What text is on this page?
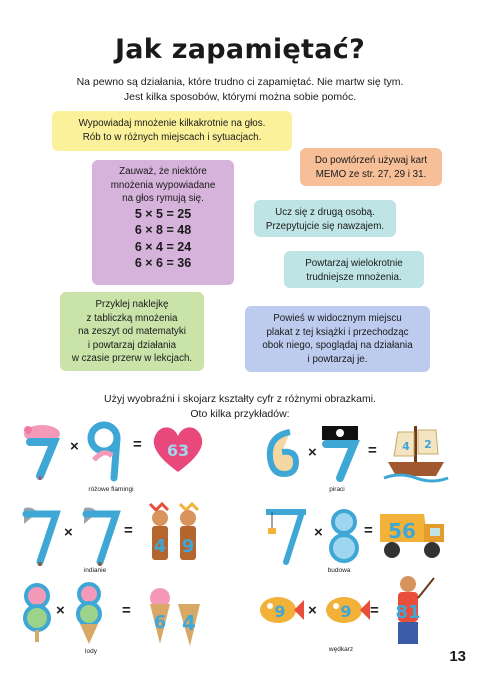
Jak zapamiętać?
Na pewno są działania, które trudno ci zapamiętać. Nie martw się tym.
Jest kilka sposobów, którymi można sobie pomóc.
Wypowiadaj mnożenie kilkakrotnie na głos.
Rób to w różnych miejscach i sytuacjach.
Zauważ, że niektóre
mnożenia wypowiadane
na głos rymują się.
5 × 5 = 25
6 × 8 = 48
6 × 4 = 24
6 × 6 = 36
Do powtórzeń używaj kart
MEMO ze str. 27, 29 i 31.
Ucz się z drugą osobą.
Przepytujcie się nawzajem.
Powtarzaj wielokrotnie
trudniejsze mnożenia.
Przyklej naklejkę
z tabliczką mnożenia
na zeszyt od matematyki
i powtarzaj działania
w czasie przerw w lekcjach.
Powieś w widocznym miejscu
plakat z tej książki i przechodząc
obok niego, spoglądaj na działania
i powtarzaj je.
Użyj wyobraźni i skojarz kształty cyfr z różnymi obrazkami.
Oto kilka przykładów:
×	= 63
różowe flamingi
×	= 4 2
piraci
×	=
4 9
indianie
×	= 56
budowa
×	=
6 4
lody
9 × 9 = 81
wędkarz	13
